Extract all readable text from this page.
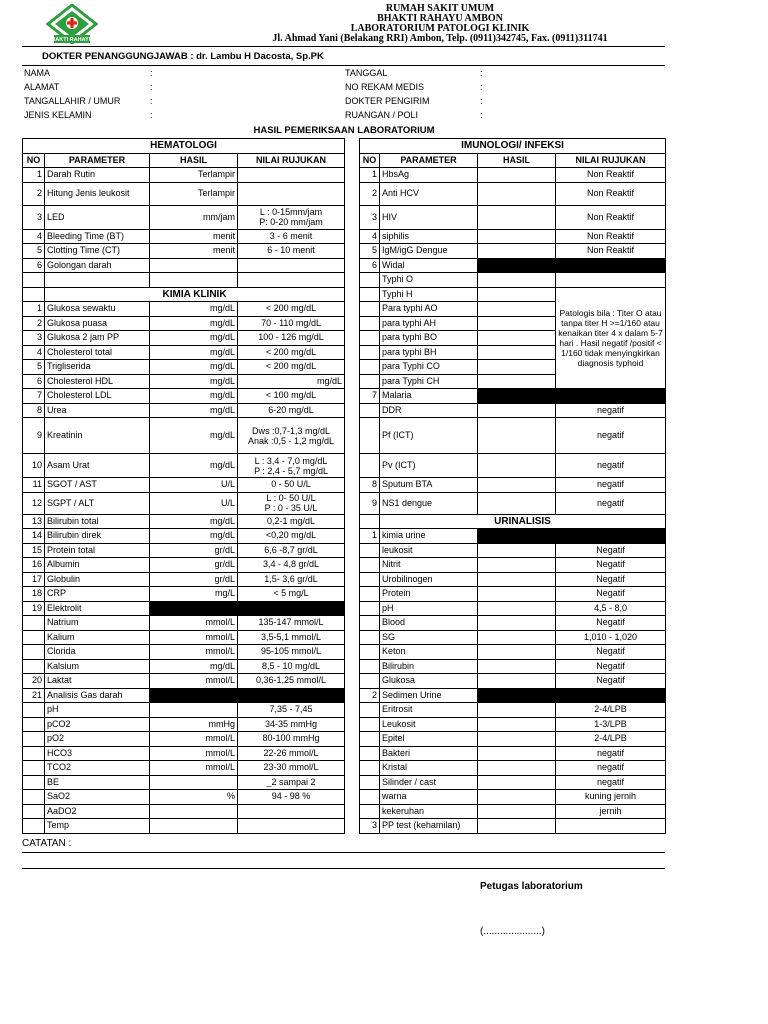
BAKTI RAHAYU
RUMAH SAKIT UMUM
BHAKTI RAHAYU AMBON
LABORATORIUM PATOLOGI KLINIK
Jl. Ahmad Yani (Belakang RRI) Ambon, Telp. (0911)342745, Fax. (0911)311741
DOKTER PENANGGUNGJAWAB : dr. Lambu H Dacosta, Sp.PK
NAMA	:
ALAMAT	:
TANGALLAHIR / UMUR	:
JENIS KELAMIN	:
TANGGAL	:
NO REKAM MEDIS	:
DOKTER PENGIRIM	:
RUANGAN / POLI	:
HASIL PEMERIKSAAN LABORATORIUM
HEMATOLOGI			
NO	PARAMETER	HASIL	NILAI RUJUKAN
1	Darah Rutin	Terlampir	
2	Hitung Jenis leukosit	Terlampir	
3	LED	mm/jam	L : 0-15mm/jam
P: 0-20 mm/jam
4	Bleeding Time (BT)	menit	3 - 6 menit
5	Clotting Time (CT)	menit	6 - 10 menit
6	Golongan darah		

	KIMIA KLINIK		
1	Glukosa sewaktu	mg/dL	< 200 mg/dL
2	Glukosa puasa	mg/dL	70 - 110 mg/dL
3	Glukosa 2 jam PP	mg/dL	100 - 126 mg/dL
4	Cholesterol total	mg/dL	< 200 mg/dL
5	Trigliserida	mg/dL	< 200 mg/dL
6	Cholesterol HDL	mg/dL	mg/dL
7	Cholesterol LDL	mg/dL	< 100 mg/dL
8	Urea	mg/dL	6-20 mg/dL
9	Kreatinin	mg/dL	Dws :0,7-1,3 mg/dL
Anak :0,5 - 1,2 mg/dL
10	Asam Urat	mg/dL	L : 3,4 - 7,0 mg/dL
P : 2,4 - 5,7 mg/dL
11	SGOT / AST	U/L	0 - 50 U/L
12	SGPT / ALT	U/L	L : 0- 50 U/L
P : 0 - 35 U/L
13	Bilirubin total	mg/dL	0,2-1 mg/dL
14	Bilirubin direk	mg/dL	<0,20 mg/dL
15	Protein total	gr/dL	6,6 -8,7 gr/dL
16	Albumin	gr/dL	3,4 - 4,8 gr/dL
17	Globulin	gr/dL	1,5- 3,6 gr/dL
18	CRP	mg/L	< 5 mg/L
19	Elektrolit		
	Natrium	mmol/L	135-147 mmol/L
	Kalium	mmol/L	3,5-5,1 mmol/L
	Clorida	mmol/L	95-105 mmol/L
	Kalsium	mg/dL	8,5 - 10 mg/dL
20	Laktat	mmol/L	0,36-1,25 mmol/L
21	Analisis Gas darah		
	pH		7,35 - 7,45
	pCO2	mmHg	34-35 mmHg
	pO2	mmol/L	80-100 mmHg
	HCO3	mmol/L	22-26 mmol/L
	TCO2	mmol/L	23-30 mmol/L
	BE		_2 sampai 2
	SaO2	%	94 - 98 %
	AaDO2		
	Temp		
IMUNOLOGI/ INFEKSI			
NO	PARAMETER	HASIL	NILAI RUJUKAN
1	HbsAg		Non Reaktif
2	Anti HCV		Non Reaktif
3	HIV		Non Reaktif
4	siphilis		Non Reaktif
5	IgM/igG Dengue		Non Reaktif
6	Widal		
	Typhi O		
	Typhi H		Patologis bila : Titer O atau tanpa titer H >=1/160 atau kenaikan titer 4 x dalam 5-7 hari . Hasil negatif /positif < 1/160 tidak menyingkirkan diagnosis typhoid
	Para typhi AO		
	para typhi AH		
	para typhi BO		
	para typhi BH		
	para Typhi CO		
	para Typhi CH		
7	Malaria		
	DDR		negatif
	Pf (ICT)		negatif
	Pv (ICT)		negatif
8	Sputum BTA		negatif
9	NS1 dengue		negatif
	URINALISIS		
1	kimia urine		
	leukosit		Negatif
	Nitrit		Negatif
	Urobilinogen		Negatif
	Protein		Negatif
	pH		4,5 - 8,0
	Blood		Negatif
	SG		1,010 - 1,020
	Keton		Negatif
	Bilirubin		Negatif
	Glukosa		Negatif
2	Sedimen Urine		
	Eritrosit		2-4/LPB
	Leukosit		1-3/LPB
	Epitel		2-4/LPB
	Bakteri		negatif
	Kristal		negatif
	Silinder / cast		negatif
	warna		kuning jernih
	kekeruhan		jernih
3	PP test (kehamilan)		
CATATAN :
Petugas laboratorium
(.....................)
